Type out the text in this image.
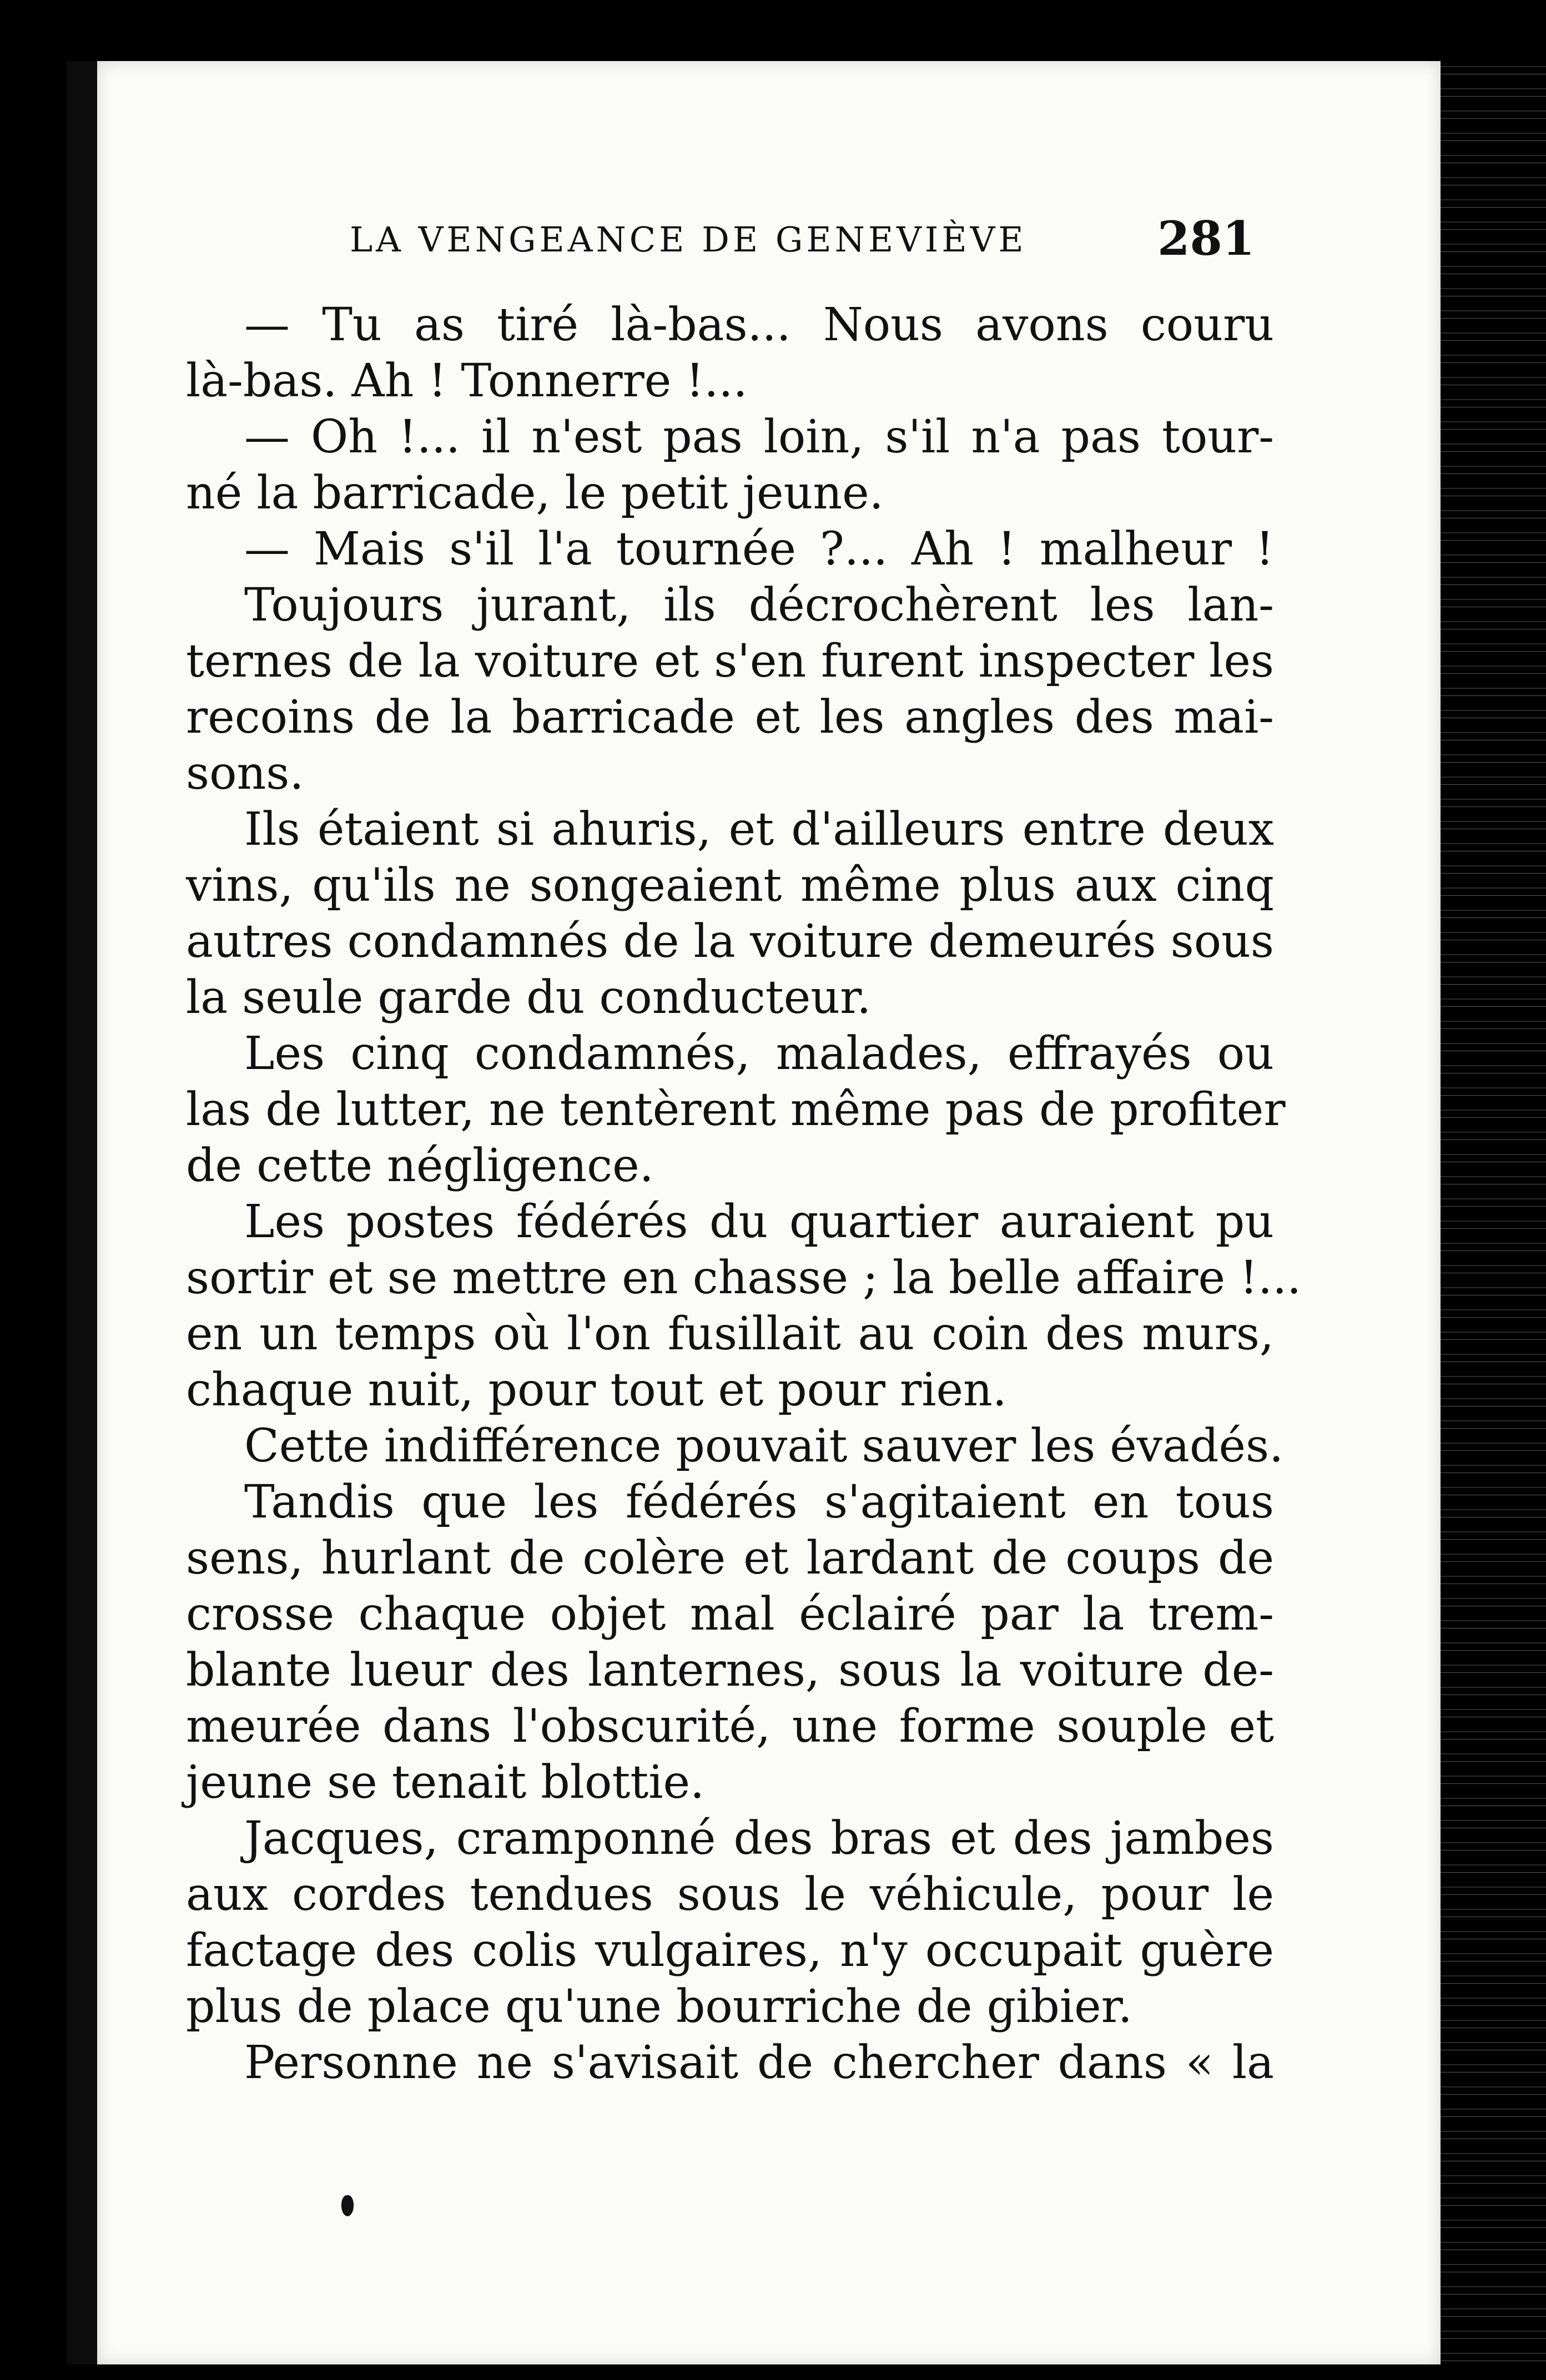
LA VENGEANCE DE GENEVIÈVE	281
— Tu as tiré là-bas... Nous avons couru
là-bas. Ah ! Tonnerre !...
— Oh !... il n'est pas loin, s'il n'a pas tour-
né la barricade, le petit jeune.
— Mais s'il l'a tournée ?... Ah ! malheur !
Toujours jurant, ils décrochèrent les lan-
ternes de la voiture et s'en furent inspecter les
recoins de la barricade et les angles des mai-
sons.
Ils étaient si ahuris, et d'ailleurs entre deux
vins, qu'ils ne songeaient même plus aux cinq
autres condamnés de la voiture demeurés sous
la seule garde du conducteur.
Les cinq condamnés, malades, effrayés ou
las de lutter, ne tentèrent même pas de profiter
de cette négligence.
Les postes fédérés du quartier auraient pu
sortir et se mettre en chasse ; la belle affaire !...
en un temps où l'on fusillait au coin des murs,
chaque nuit, pour tout et pour rien.
Cette indifférence pouvait sauver les évadés.
Tandis que les fédérés s'agitaient en tous
sens, hurlant de colère et lardant de coups de
crosse chaque objet mal éclairé par la trem-
blante lueur des lanternes, sous la voiture de-
meurée dans l'obscurité, une forme souple et
jeune se tenait blottie.
Jacques, cramponné des bras et des jambes
aux cordes tendues sous le véhicule, pour le
factage des colis vulgaires, n'y occupait guère
plus de place qu'une bourriche de gibier.
Personne ne s'avisait de chercher dans « la
